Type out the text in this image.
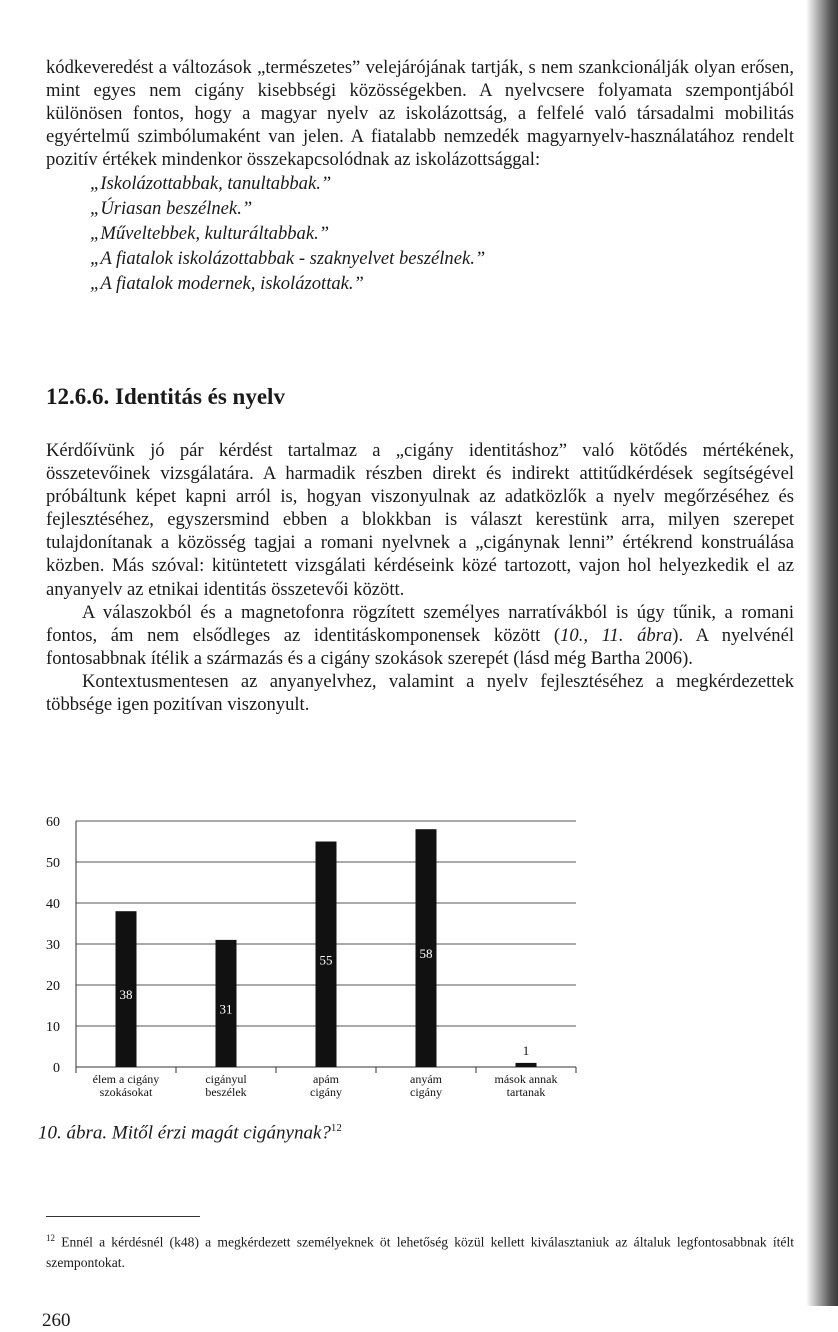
kódkeveredést a változások „természetes” velejárójának tartják, s nem szankcionálják olyan erősen, mint egyes nem cigány kisebbségi közösségekben. A nyelvcsere folyamata szempontjából különösen fontos, hogy a magyar nyelv az iskolázottság, a felfelé való társadalmi mobilitás egyértelmű szimbólumaként van jelen. A fiatalabb nemzedék magyarnyelv-használatához rendelt pozitív értékek mindenkor összekapcsolódnak az iskolázottsággal:

„Iskolázottabbak, tanultabbak.”
„Úriasan beszélnek.”
„Műveltebbek, kulturáltabbak.”
„A fiatalok iskolázottabbak - szaknyelvet beszélnek.”
„A fiatalok modernek, iskolázottak.”
12.6.6. Identitás és nyelv

Kérdőívünk jó pár kérdést tartalmaz a „cigány identitáshoz” való kötődés mértékének, összetevőinek vizsgálatára. A harmadik részben direkt és indirekt attitűdkérdések segítségével próbáltunk képet kapni arról is, hogyan viszonyulnak az adatközlők a nyelv megőrzéséhez és fejlesztéséhez, egyszersmind ebben a blokkban is választ kerestünk arra, milyen szerepet tulajdonítanak a közösség tagjai a romani nyelvnek a „cigánynak lenni” értékrend konstruálása közben. Más szóval: kitüntetett vizsgálati kérdéseink közé tartozott, vajon hol helyezkedik el az anyanyelv az etnikai identitás összetevői között.

A válaszokból és a magnetofonra rögzített személyes narratívákból is úgy tűnik, a romani fontos, ám nem elsődleges az identitáskomponensek között (10., 11. ábra). A nyelvénél fontosabbnak ítélik a származás és a cigány szokások szerepét (lásd még Bartha 2006).

Kontextusmentesen az anyanyelvhez, valamint a nyelv fejlesztéséhez a megkérdezettek többsége igen pozitívan viszonyult.

0
10
20
30
40
50
60
38
élem a cigány
szokásokat
31
cigányul
beszélek
55
apám
cigány
58
anyám
cigány
1
mások annak
tartanak
10. ábra. Mitől érzi magát cigánynak?$^{12}$
$^{12}$ Ennél a kérdésnél (k48) a megkérdezett személyeknek öt lehetőség közül kellett kiválasztaniuk az általuk legfontosabbnak ítélt szempontokat.
260
